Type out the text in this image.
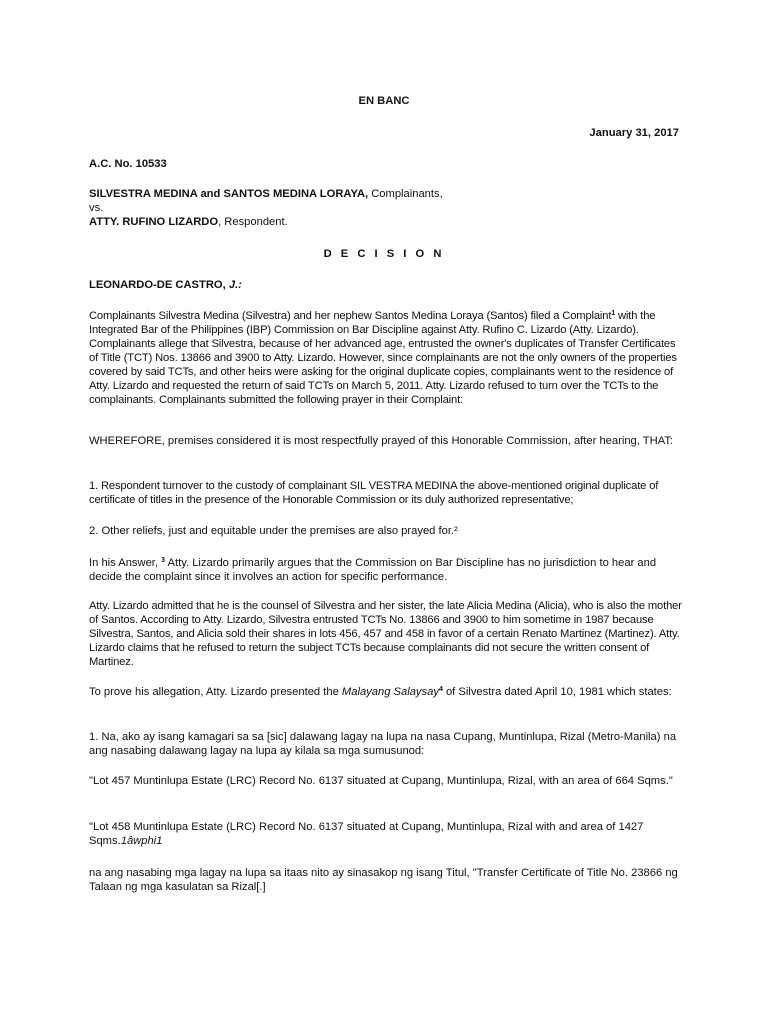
EN BANC

January 31, 2017

A.C. No. 10533

SILVESTRA MEDINA and SANTOS MEDINA LORAYA, Complainants,
vs.
ATTY. RUFINO LIZARDO, Respondent.

D E C I S I O N

LEONARDO-DE CASTRO, J.:

Complainants Silvestra Medina (Silvestra) and her nephew Santos Medina Loraya (Santos) filed a Complaint$^1$ with the Integrated Bar of the Philippines (IBP) Commission on Bar Discipline against Atty. Rufino C. Lizardo (Atty. Lizardo). Complainants allege that Silvestra, because of her advanced age, entrusted the owner's duplicates of Transfer Certificates of Title (TCT) Nos. 13866 and 3900 to Atty. Lizardo. However, since complainants are not the only owners of the properties covered by said TCTs, and other heirs were asking for the original duplicate copies, complainants went to the residence of Atty. Lizardo and requested the return of said TCTs on March 5, 2011. Atty. Lizardo refused to turn over the TCTs to the complainants. Complainants submitted the following prayer in their Complaint:

WHEREFORE, premises considered it is most respectfully prayed of this Honorable Commission, after hearing, THAT:

1. Respondent turnover to the custody of complainant SIL VESTRA MEDINA the above-mentioned original duplicate of certificate of titles in the presence of the Honorable Commission or its duly authorized representative;

2. Other reliefs, just and equitable under the premises are also prayed for.²

In his Answer, $^3$ Atty. Lizardo primarily argues that the Commission on Bar Discipline has no jurisdiction to hear and decide the complaint since it involves an action for specific performance.

Atty. Lizardo admitted that he is the counsel of Silvestra and her sister, the late Alicia Medina (Alicia), who is also the mother of Santos. According to Atty. Lizardo, Silvestra entrusted TCTs No. 13866 and 3900 to him sometime in 1987 because Silvestra, Santos, and Alicia sold their shares in lots 456, 457 and 458 in favor of a certain Renato Martinez (Martinez). Atty. Lizardo claims that he refused to return the subject TCTs because complainants did not secure the written consent of Martinez.

To prove his allegation, Atty. Lizardo presented the Malayang Salaysay$^4$ of Silvestra dated April 10, 1981 which states:

1. Na, ako ay isang kamagari sa sa [sic] dalawang lagay na lupa na nasa Cupang, Muntinlupa, Rizal (Metro-Manila) na ang nasabing dalawang lagay na lupa ay kilala sa mga sumusunod:

"Lot 457 Muntinlupa Estate (LRC) Record No. 6137 situated at Cupang, Muntinlupa, Rizal, with an area of 664 Sqms."

"Lot 458 Muntinlupa Estate (LRC) Record No. 6137 situated at Cupang, Muntinlupa, Rizal with and area of 1427 Sqms.1âwphi1

na ang nasabing mga lagay na lupa sa itaas nito ay sinasakop ng isang Titul, "Transfer Certificate of Title No. 23866 ng Talaan ng mga kasulatan sa Rizal[.]
